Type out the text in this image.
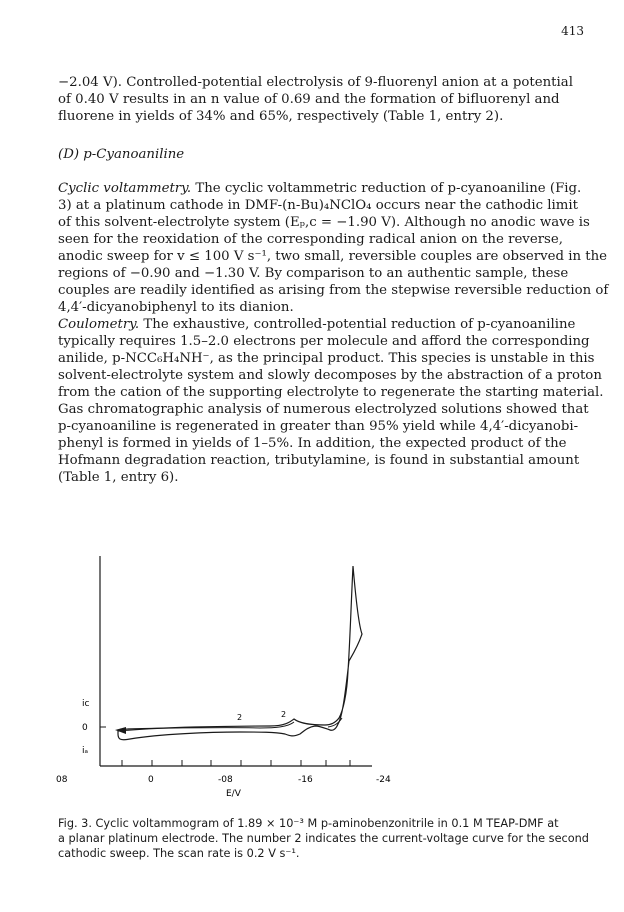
413
−2.04 V). Controlled-potential electrolysis of 9-fluorenyl anion at a potential
of 0.40 V results in an n value of 0.69 and the formation of bifluorenyl and
fluorene in yields of 34% and 65%, respectively (Table 1, entry 2).
(D) p-Cyanoaniline
Cyclic voltammetry. The cyclic voltammetric reduction of p-cyanoaniline (Fig.
3) at a platinum cathode in DMF-(n-Bu)₄NClO₄ occurs near the cathodic limit
of this solvent-electrolyte system (Eₚ,c = −1.90 V). Although no anodic wave is
seen for the reoxidation of the corresponding radical anion on the reverse,
anodic sweep for v ≤ 100 V s⁻¹, two small, reversible couples are observed in the
regions of −0.90 and −1.30 V. By comparison to an authentic sample, these
couples are readily identified as arising from the stepwise reversible reduction of
4,4′-dicyanobiphenyl to its dianion.
Coulometry. The exhaustive, controlled-potential reduction of p-cyanoaniline
typically requires 1.5–2.0 electrons per molecule and afford the corresponding
anilide, p-NCC₆H₄NH⁻, as the principal product. This species is unstable in this
solvent-electrolyte system and slowly decomposes by the abstraction of a proton
from the cation of the supporting electrolyte to regenerate the starting material.
Gas chromatographic analysis of numerous electrolyzed solutions showed that
p-cyanoaniline is regenerated in greater than 95% yield while 4,4′-dicyanobi-
phenyl is formed in yields of 1–5%. In addition, the expected product of the
Hofmann degradation reaction, tributylamine, is found in substantial amount
(Table 1, entry 6).
iᴄ
0
iₐ
08	0	-08	-16	-24
E/V
2	2
Fig. 3. Cyclic voltammogram of 1.89 × 10⁻³ M p-aminobenzonitrile in 0.1 M TEAP-DMF at
a planar platinum electrode. The number 2 indicates the current-voltage curve for the second
cathodic sweep. The scan rate is 0.2 V s⁻¹.
